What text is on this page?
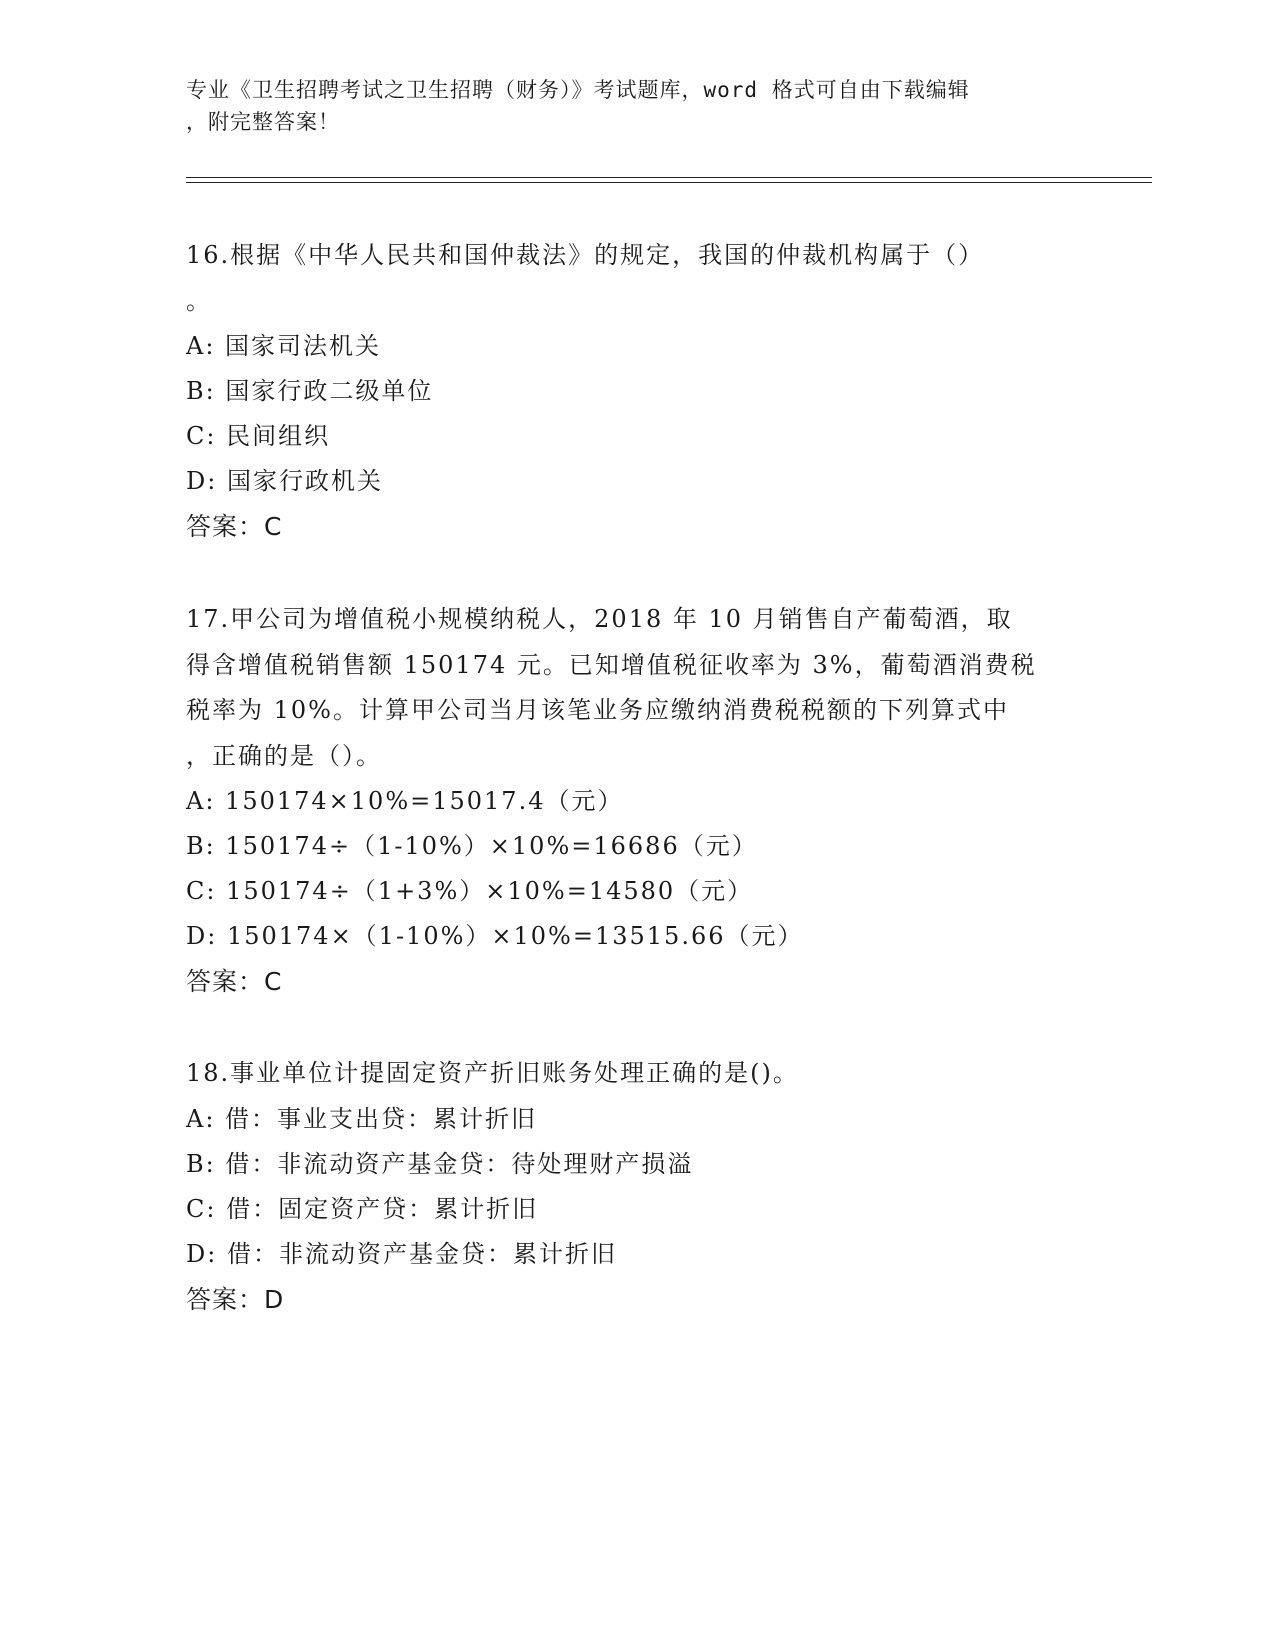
专业《卫生招聘考试之卫生招聘（财务）》考试题库，word 格式可自由下载编辑
，附完整答案！
16.根据《中华人民共和国仲裁法》的规定，我国的仲裁机构属于（）
。
A: 国家司法机关
B: 国家行政二级单位
C: 民间组织
D: 国家行政机关
答案：C
17.甲公司为增值税小规模纳税人，2018 年 10 月销售自产葡萄酒，取
得含增值税销售额 150174 元。已知增值税征收率为 3%，葡萄酒消费税
税率为 10%。计算甲公司当月该笔业务应缴纳消费税税额的下列算式中
，正确的是（）。
A: 150174×10%=15017.4（元）
B: 150174÷（1-10%）×10%=16686（元）
C: 150174÷（1+3%）×10%=14580（元）
D: 150174×（1-10%）×10%=13515.66（元）
答案：C
18.事业单位计提固定资产折旧账务处理正确的是()。
A: 借：事业支出贷：累计折旧
B: 借：非流动资产基金贷：待处理财产损溢
C: 借：固定资产贷：累计折旧
D: 借：非流动资产基金贷：累计折旧
答案：D
